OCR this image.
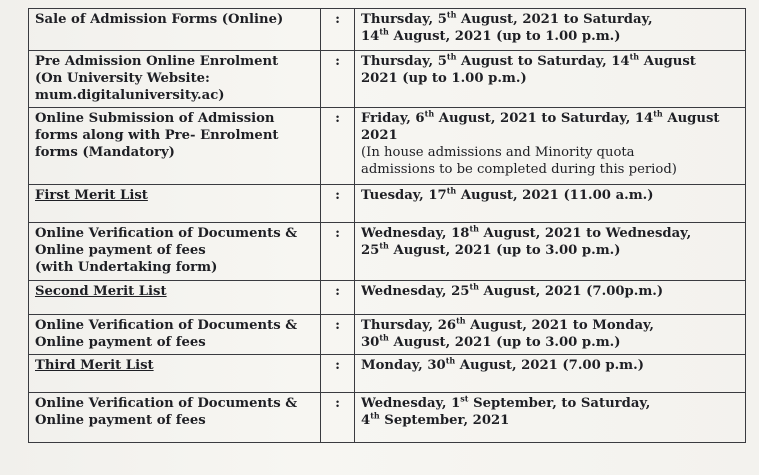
Sale of Admission Forms (Online)	:	Thursday, 5th August, 2021 to Saturday,
14th August, 2021 (up to 1.00 p.m.)

Pre Admission Online Enrolment
(On University Website:
mum.digitaluniversity.ac)	:	Thursday, 5th August to Saturday, 14th August
2021 (up to 1.00 p.m.)

Online Submission of Admission
forms along with Pre- Enrolment
forms (Mandatory)	:	Friday, 6th August, 2021 to Saturday, 14th August
2021
(In house admissions and Minority quota
admissions to be completed during this period)

First Merit List	:	Tuesday, 17th August, 2021 (11.00 a.m.)

Online Verification of Documents &
Online payment of fees
(with Undertaking form)	:	Wednesday, 18th August, 2021 to Wednesday,
25th August, 2021 (up to 3.00 p.m.)

Second Merit List	:	Wednesday, 25th August, 2021 (7.00p.m.)

Online Verification of Documents &
Online payment of fees	:	Thursday, 26th August, 2021 to Monday,
30th August, 2021 (up to 3.00 p.m.)

Third Merit List	:	Monday, 30th August, 2021 (7.00 p.m.)

Online Verification of Documents &
Online payment of fees	:	Wednesday, 1st September, to Saturday,
4th September, 2021
